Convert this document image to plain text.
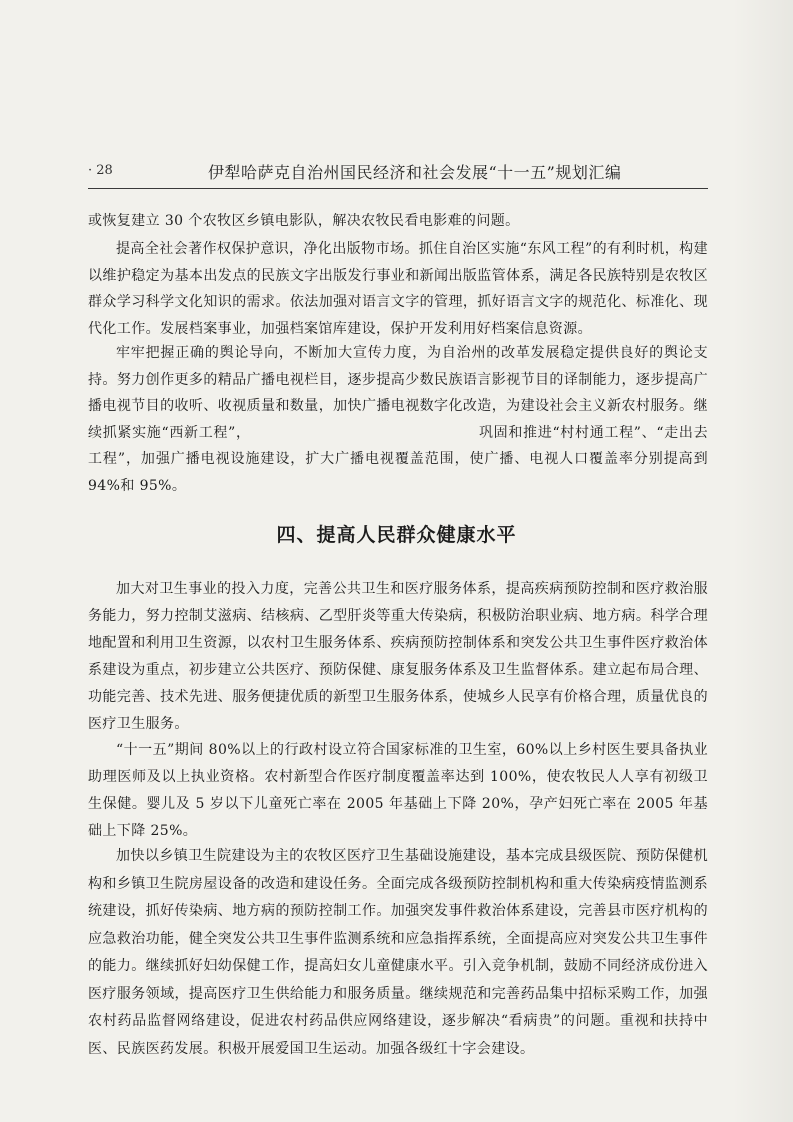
· 28	伊犁哈萨克自治州国民经济和社会发展“十一五”规划汇编

或恢复建立 30 个农牧区乡镇电影队，解决农牧民看电影难的问题。

提高全社会著作权保护意识，净化出版物市场。抓住自治区实施“东风工程”的有利时机，构建以维护稳定为基本出发点的民族文字出版发行事业和新闻出版监管体系，满足各民族特别是农牧区群众学习科学文化知识的需求。依法加强对语言文字的管理，抓好语言文字的规范化、标准化、现代化工作。发展档案事业，加强档案馆库建设，保护开发利用好档案信息资源。

牢牢把握正确的舆论导向，不断加大宣传力度，为自治州的改革发展稳定提供良好的舆论支持。努力创作更多的精品广播电视栏目，逐步提高少数民族语言影视节目的译制能力，逐步提高广播电视节目的收听、收视质量和数量，加快广播电视数字化改造，为建设社会主义新农村服务。继续抓紧实施“西新工程”，	巩固和推进“村村通工程”、“走出去工程”，加强广播电视设施建设，扩大广播电视覆盖范围，使广播、电视人口覆盖率分别提高到 94%和 95%。

四、提高人民群众健康水平

加大对卫生事业的投入力度，完善公共卫生和医疗服务体系，提高疾病预防控制和医疗救治服务能力，努力控制艾滋病、结核病、乙型肝炎等重大传染病，积极防治职业病、地方病。科学合理地配置和利用卫生资源，以农村卫生服务体系、疾病预防控制体系和突发公共卫生事件医疗救治体系建设为重点，初步建立公共医疗、预防保健、康复服务体系及卫生监督体系。建立起布局合理、功能完善、技术先进、服务便捷优质的新型卫生服务体系，使城乡人民享有价格合理，质量优良的医疗卫生服务。

“十一五”期间 80%以上的行政村设立符合国家标准的卫生室，60%以上乡村医生要具备执业助理医师及以上执业资格。农村新型合作医疗制度覆盖率达到 100%，使农牧民人人享有初级卫生保健。婴儿及 5 岁以下儿童死亡率在 2005 年基础上下降 20%，孕产妇死亡率在 2005 年基础上下降 25%。

加快以乡镇卫生院建设为主的农牧区医疗卫生基础设施建设，基本完成县级医院、预防保健机构和乡镇卫生院房屋设备的改造和建设任务。全面完成各级预防控制机构和重大传染病疫情监测系统建设，抓好传染病、地方病的预防控制工作。加强突发事件救治体系建设，完善县市医疗机构的应急救治功能，健全突发公共卫生事件监测系统和应急指挥系统，全面提高应对突发公共卫生事件的能力。继续抓好妇幼保健工作，提高妇女儿童健康水平。引入竞争机制，鼓励不同经济成份进入医疗服务领域，提高医疗卫生供给能力和服务质量。继续规范和完善药品集中招标采购工作，加强农村药品监督网络建设，促进农村药品供应网络建设，逐步解决“看病贵”的问题。重视和扶持中医、民族医药发展。积极开展爱国卫生运动。加强各级红十字会建设。
